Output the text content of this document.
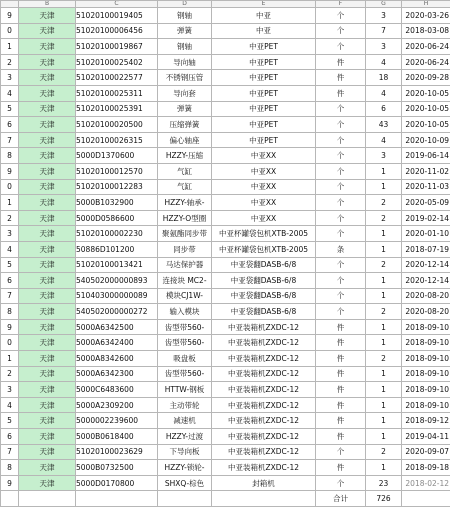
	B	C	D	E	F	G	H
9	天津	51020100019405	钢轴	中亚	个	3	2020-03-26
0	天津	51020100006456	弹簧	中亚	个	7	2018-03-08
1	天津	51020100019867	钢轴	中亚PET	个	3	2020-06-24
2	天津	51020100025402	导向轴	中亚PET	件	4	2020-06-24
3	天津	51020100022577	不锈钢压管	中亚PET	件	18	2020-09-28
4	天津	51020100025311	导向套	中亚PET	件	4	2020-10-05
5	天津	51020100025391	弹簧	中亚PET	个	6	2020-10-05
6	天津	51020100020500	压缩弹簧	中亚PET	个	43	2020-10-05
7	天津	51020100026315	偏心轴座	中亚PET	个	4	2020-10-09
8	天津	5000D1370600	HZZY-压缩	中亚XX	个	3	2019-06-14
9	天津	51020100012570	气缸	中亚XX	个	1	2020-11-02
0	天津	51020100012283	气缸	中亚XX	个	1	2020-11-03
1	天津	5000B1032900	HZZY-轴承-	中亚XX	个	2	2020-05-09
2	天津	5000D0586600	HZZY-O型圈	中亚XX	个	2	2019-02-14
3	天津	51020100002230	聚氨酯同步带	中亚杯罐袋包机XTB-2005	个	1	2020-01-10
4	天津	50886D101200	同步带	中亚杯罐袋包机XTB-2005	条	1	2018-07-19
5	天津	51020100013421	马达保护器	中亚袋翻DASB-6/8	个	2	2020-12-14
6	天津	540502000000893	连接块 MC2-	中亚袋翻DASB-6/8	个	1	2020-12-14
7	天津	510403000000089	模块CJ1W-	中亚袋翻DASB-6/8	个	1	2020-08-20
8	天津	540502000000272	输入模块	中亚袋翻DASB-6/8	个	2	2020-08-20
9	天津	5000A6342500	齿型带560-	中亚装箱机ZXDC-12	件	1	2018-09-10
0	天津	5000A6342400	齿型带560-	中亚装箱机ZXDC-12	件	1	2018-09-10
1	天津	5000A8342600	吸盘板	中亚装箱机ZXDC-12	件	2	2018-09-10
2	天津	5000A6342300	齿型带560-	中亚装箱机ZXDC-12	件	1	2018-09-10
3	天津	5000C6483600	HTTW-钢板	中亚装箱机ZXDC-12	件	1	2018-09-10
4	天津	5000A2309200	主动带轮	中亚装箱机ZXDC-12	件	1	2018-09-10
5	天津	5000002239600	减速机	中亚装箱机ZXDC-12	件	1	2018-09-12
6	天津	5000B0618400	HZZY-过渡	中亚装箱机ZXDC-12	件	1	2019-04-11
7	天津	51020100023629	下导向板	中亚装箱机ZXDC-12	个	2	2020-09-07
8	天津	5000B0732500	HZZY-锁轮-	中亚装箱机ZXDC-12	件	1	2018-09-18
9	天津	5000D0170800	SHXQ-棕色	封箱机	个	23	2018-02-12
					合计	726	
